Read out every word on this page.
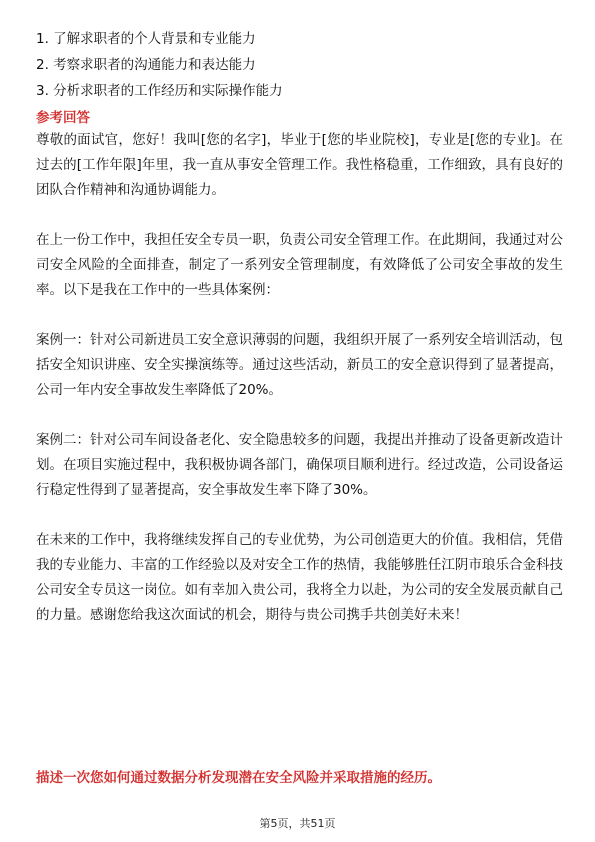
1. 了解求职者的个人背景和专业能力
2. 考察求职者的沟通能力和表达能力
3. 分析求职者的工作经历和实际操作能力
参考回答

尊敬的面试官，您好！我叫[您的名字]，毕业于[您的毕业院校]，专业是[您的专业]。在过去的[工作年限]年里，我一直从事安全管理工作。我性格稳重，工作细致，具有良好的团队合作精神和沟通协调能力。

在上一份工作中，我担任安全专员一职，负责公司安全管理工作。在此期间，我通过对公司安全风险的全面排查，制定了一系列安全管理制度，有效降低了公司安全事故的发生率。以下是我在工作中的一些具体案例：

案例一：针对公司新进员工安全意识薄弱的问题，我组织开展了一系列安全培训活动，包括安全知识讲座、安全实操演练等。通过这些活动，新员工的安全意识得到了显著提高，公司一年内安全事故发生率降低了20%。

案例二：针对公司车间设备老化、安全隐患较多的问题，我提出并推动了设备更新改造计划。在项目实施过程中，我积极协调各部门，确保项目顺利进行。经过改造，公司设备运行稳定性得到了显著提高，安全事故发生率下降了30%。

在未来的工作中，我将继续发挥自己的专业优势，为公司创造更大的价值。我相信，凭借我的专业能力、丰富的工作经验以及对安全工作的热情，我能够胜任江阴市琅乐合金科技公司安全专员这一岗位。如有幸加入贵公司，我将全力以赴，为公司的安全发展贡献自己的力量。感谢您给我这次面试的机会，期待与贵公司携手共创美好未来！

描述一次您如何通过数据分析发现潜在安全风险并采取措施的经历。
第5页，共51页
